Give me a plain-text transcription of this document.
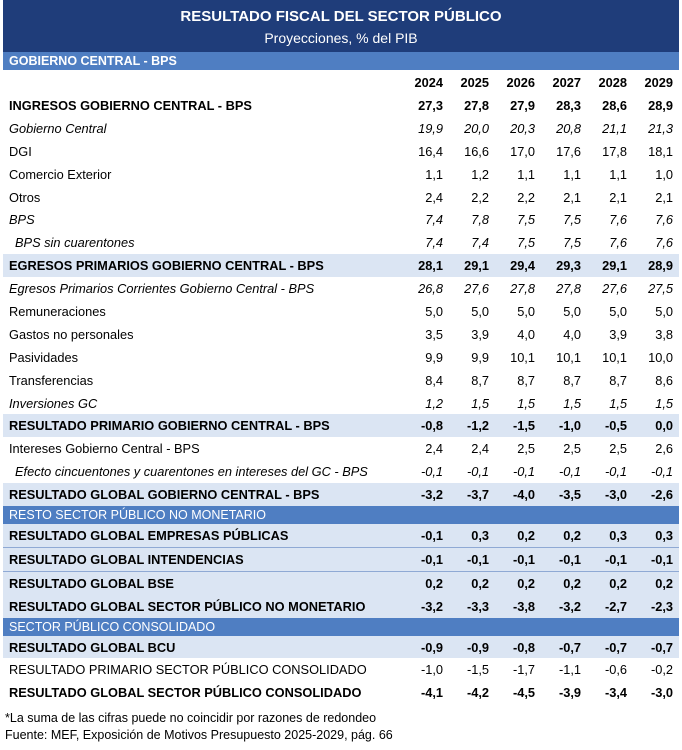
RESULTADO FISCAL DEL SECTOR PÚBLICO
Proyecciones, % del PIB
GOBIERNO CENTRAL - BPS
	2024	2025	2026	2027	2028	2029
INGRESOS GOBIERNO CENTRAL - BPS	27,3	27,8	27,9	28,3	28,6	28,9
Gobierno Central	19,9	20,0	20,3	20,8	21,1	21,3
DGI	16,4	16,6	17,0	17,6	17,8	18,1
Comercio Exterior	1,1	1,2	1,1	1,1	1,1	1,0
Otros	2,4	2,2	2,2	2,1	2,1	2,1
BPS	7,4	7,8	7,5	7,5	7,6	7,6
BPS sin cuarentones	7,4	7,4	7,5	7,5	7,6	7,6
EGRESOS PRIMARIOS GOBIERNO CENTRAL - BPS	28,1	29,1	29,4	29,3	29,1	28,9
Egresos Primarios Corrientes Gobierno Central - BPS	26,8	27,6	27,8	27,8	27,6	27,5
Remuneraciones	5,0	5,0	5,0	5,0	5,0	5,0
Gastos no personales	3,5	3,9	4,0	4,0	3,9	3,8
Pasividades	9,9	9,9	10,1	10,1	10,1	10,0
Transferencias	8,4	8,7	8,7	8,7	8,7	8,6
Inversiones GC	1,2	1,5	1,5	1,5	1,5	1,5
RESULTADO PRIMARIO GOBIERNO CENTRAL - BPS	-0,8	-1,2	-1,5	-1,0	-0,5	0,0
Intereses Gobierno Central - BPS	2,4	2,4	2,5	2,5	2,5	2,6
Efecto cincuentones y cuarentones en intereses del GC - BPS	-0,1	-0,1	-0,1	-0,1	-0,1	-0,1
RESULTADO GLOBAL GOBIERNO CENTRAL - BPS	-3,2	-3,7	-4,0	-3,5	-3,0	-2,6
RESTO SECTOR PÚBLICO NO MONETARIO
RESULTADO GLOBAL EMPRESAS PÚBLICAS	-0,1	0,3	0,2	0,2	0,3	0,3
RESULTADO GLOBAL INTENDENCIAS	-0,1	-0,1	-0,1	-0,1	-0,1	-0,1
RESULTADO GLOBAL BSE	0,2	0,2	0,2	0,2	0,2	0,2
RESULTADO GLOBAL SECTOR PÚBLICO NO MONETARIO	-3,2	-3,3	-3,8	-3,2	-2,7	-2,3
SECTOR PÚBLICO CONSOLIDADO
RESULTADO GLOBAL BCU	-0,9	-0,9	-0,8	-0,7	-0,7	-0,7
RESULTADO PRIMARIO SECTOR PÚBLICO CONSOLIDADO	-1,0	-1,5	-1,7	-1,1	-0,6	-0,2
RESULTADO GLOBAL SECTOR PÚBLICO CONSOLIDADO	-4,1	-4,2	-4,5	-3,9	-3,4	-3,0
*La suma de las cifras puede no coincidir por razones de redondeo
Fuente: MEF, Exposición de Motivos Presupuesto 2025-2029, pág. 66
